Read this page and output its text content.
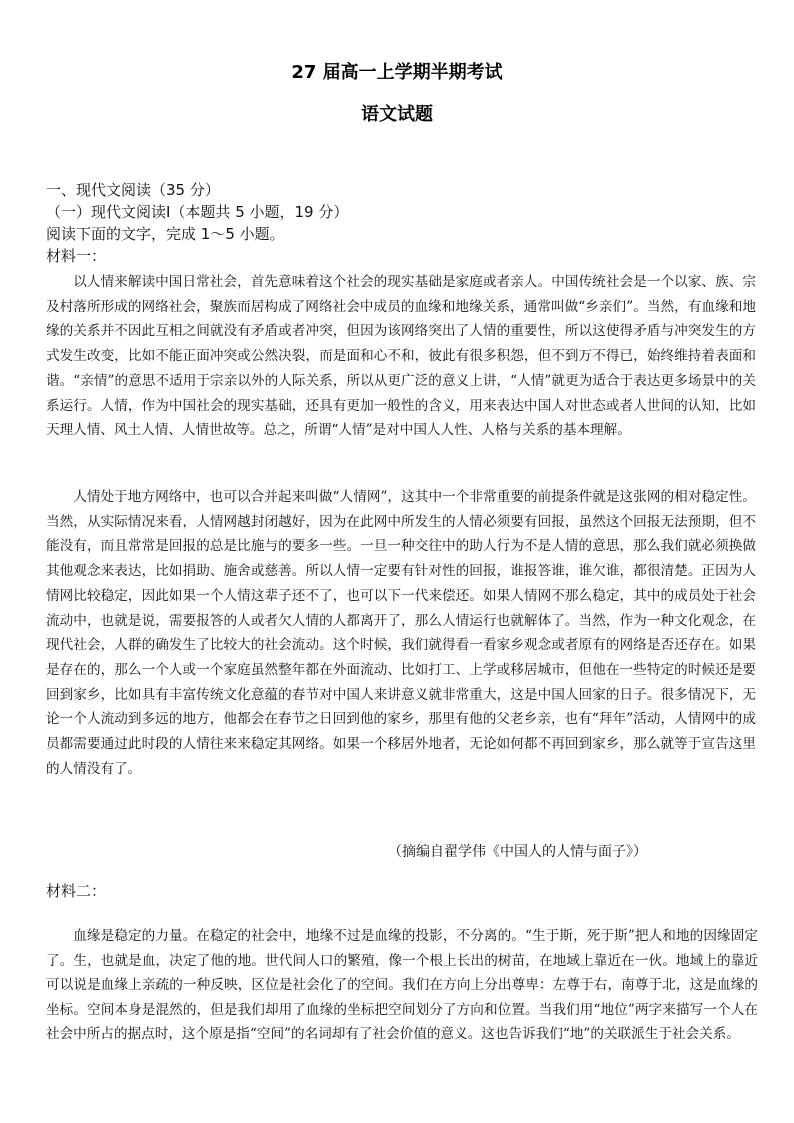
27 届高一上学期半期考试
语文试题
一、现代文阅读（35 分）
（一）现代文阅读Ⅰ（本题共 5 小题，19 分）
阅读下面的文字，完成 1～5 小题。
材料一：

以人情来解读中国日常社会，首先意味着这个社会的现实基础是家庭或者亲人。中国传统社会是一个以家、族、宗及村落所形成的网络社会，聚族而居构成了网络社会中成员的血缘和地缘关系，通常叫做“乡亲们”。当然，有血缘和地缘的关系并不因此互相之间就没有矛盾或者冲突，但因为该网络突出了人情的重要性，所以这使得矛盾与冲突发生的方式发生改变，比如不能正面冲突或公然决裂，而是面和心不和，彼此有很多积怨，但不到万不得已，始终维持着表面和谐。“亲情”的意思不适用于宗亲以外的人际关系，所以从更广泛的意义上讲，“人情”就更为适合于表达更多场景中的关系运行。人情，作为中国社会的现实基础，还具有更加一般性的含义，用来表达中国人对世态或者人世间的认知，比如天理人情、风土人情、人情世故等。总之，所谓“人情”是对中国人人性、人格与关系的基本理解。

人情处于地方网络中，也可以合并起来叫做“人情网”，这其中一个非常重要的前提条件就是这张网的相对稳定性。当然，从实际情况来看，人情网越封闭越好，因为在此网中所发生的人情必须要有回报，虽然这个回报无法预期，但不能没有，而且常常是回报的总是比施与的要多一些。一旦一种交往中的助人行为不是人情的意思，那么我们就必须换做其他观念来表达，比如捐助、施舍或慈善。所以人情一定要有针对性的回报，谁报答谁，谁欠谁，都很清楚。正因为人情网比较稳定，因此如果一个人情这辈子还不了，也可以下一代来偿还。如果人情网不那么稳定，其中的成员处于社会流动中，也就是说，需要报答的人或者欠人情的人都离开了，那么人情运行也就解体了。当然，作为一种文化观念，在现代社会，人群的确发生了比较大的社会流动。这个时候，我们就得看一看家乡观念或者原有的网络是否还存在。如果是存在的，那么一个人或一个家庭虽然整年都在外面流动、比如打工、上学或移居城市，但他在一些特定的时候还是要回到家乡，比如具有丰富传统文化意蕴的春节对中国人来讲意义就非常重大，这是中国人回家的日子。很多情况下，无论一个人流动到多远的地方，他都会在春节之日回到他的家乡，那里有他的父老乡亲，也有“拜年”活动，人情网中的成员都需要通过此时段的人情往来来稳定其网络。如果一个移居外地者，无论如何都不再回到家乡，那么就等于宣告这里的人情没有了。

（摘编自翟学伟《中国人的人情与面子》）
材料二：

血缘是稳定的力量。在稳定的社会中，地缘不过是血缘的投影，不分离的。“生于斯，死于斯”把人和地的因缘固定了。生，也就是血，决定了他的地。世代间人口的繁殖，像一个根上长出的树苗，在地域上靠近在一伙。地域上的靠近可以说是血缘上亲疏的一种反映，区位是社会化了的空间。我们在方向上分出尊卑：左尊于右，南尊于北，这是血缘的坐标。空间本身是混然的，但是我们却用了血缘的坐标把空间划分了方向和位置。当我们用“地位”两字来描写一个人在社会中所占的据点时，这个原是指“空间”的名词却有了社会价值的意义。这也告诉我们“地”的关联派生于社会关系。
